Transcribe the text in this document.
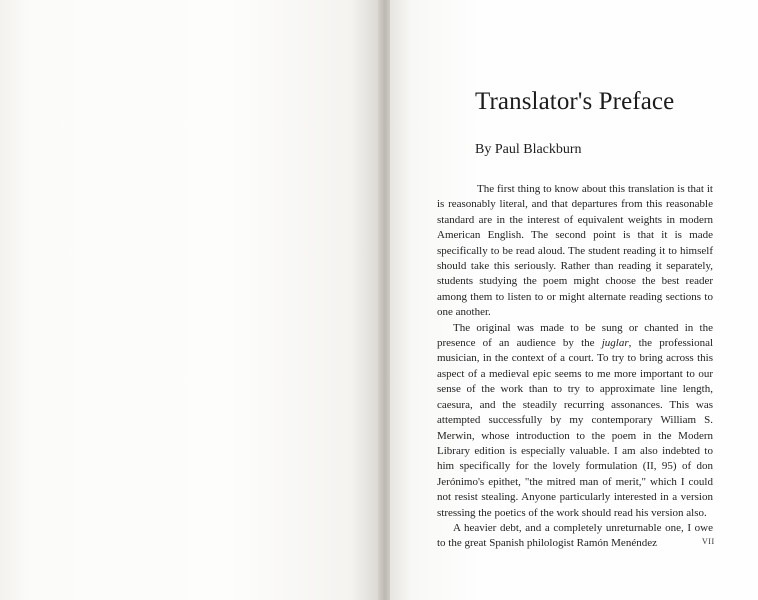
Translator's Preface
By Paul Blackburn

The first thing to know about this translation is that it is reasonably literal, and that departures from this reasonable standard are in the interest of equivalent weights in modern American English. The second point is that it is made specifically to be read aloud. The student reading it to himself should take this seriously. Rather than reading it separately, students studying the poem might choose the best reader among them to listen to or might alternate reading sections to one another.

The original was made to be sung or chanted in the presence of an audience by the juglar, the professional musician, in the context of a court. To try to bring across this aspect of a medieval epic seems to me more important to our sense of the work than to try to approximate line length, caesura, and the steadily recurring assonances. This was attempted successfully by my contemporary William S. Merwin, whose introduction to the poem in the Modern Library edition is especially valuable. I am also indebted to him specifically for the lovely formulation (II, 95) of don Jerónimo's epithet, "the mitred man of merit," which I could not resist stealing. Anyone particularly interested in a version stressing the poetics of the work should read his version also.

A heavier debt, and a completely unreturnable one, I owe to the great Spanish philologist Ramón Menéndez	VII
